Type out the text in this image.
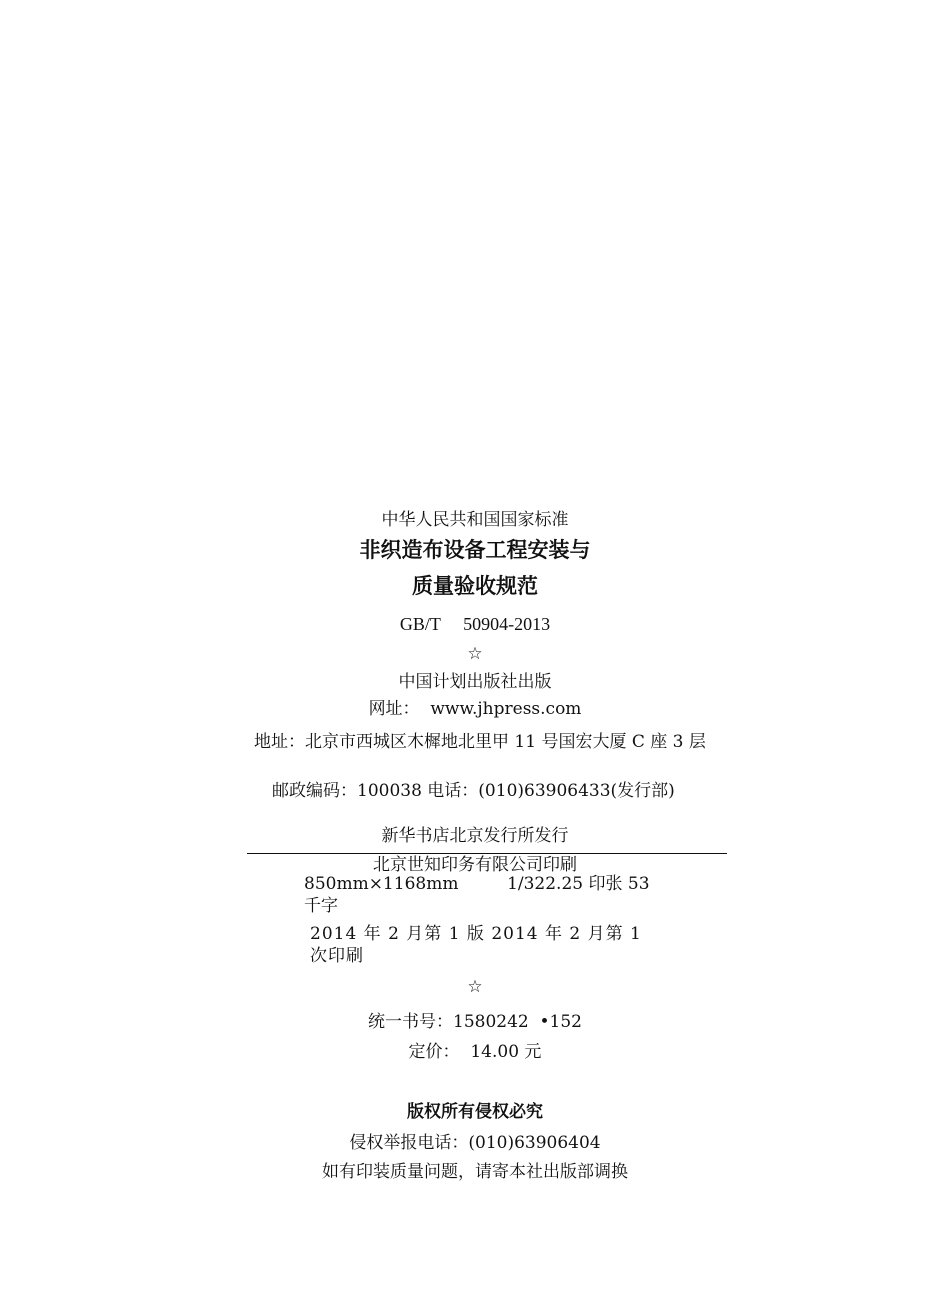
中华人民共和国国家标准
非织造布设备工程安装与
质量验收规范
GB/T     50904-2013
☆
中国计划出版社出版
网址：  www.jhpress.com
地址：北京市西城区木樨地北里甲 11 号国宏大厦 C 座 3 层
邮政编码：100038 电话：(010)63906433(发行部)
新华书店北京发行所发行
北京世知印务有限公司印刷
850mm×1168mm         1/322.25 印张 53 千字
2014 年 2 月第 1 版 2014 年 2 月第 1 次印刷
☆
统一书号：1580242  •152
定价：  14.00 元
版权所有侵权必究
侵权举报电话：(010)63906404
如有印装质量问题，请寄本社出版部调换
